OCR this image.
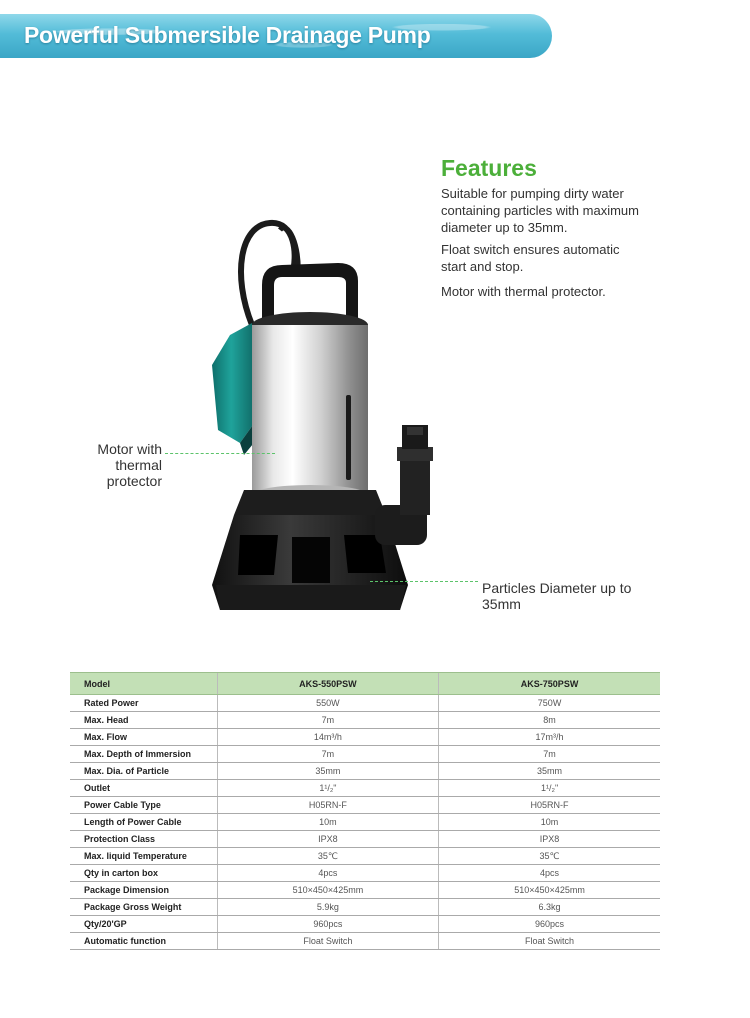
Powerful Submersible Drainage Pump
Features
Suitable for pumping dirty water containing particles with maximum diameter up to 35mm.
Float switch ensures automatic start and stop.
Motor with thermal protector.
Motor with thermal
protector
Particles Diameter up to
35mm
Model	AKS-550PSW	AKS-750PSW
Rated Power	550W	750W
Max. Head	7m	8m
Max. Flow	14m³/h	17m³/h
Max. Depth of Immersion	7m	7m
Max. Dia. of Particle	35mm	35mm
Outlet	1¹/₂"	1¹/₂"
Power Cable Type	H05RN-F	H05RN-F
Length of Power Cable	10m	10m
Protection Class	IPX8	IPX8
Max. liquid Temperature	35℃	35℃
Qty in carton box	4pcs	4pcs
Package Dimension	510×450×425mm	510×450×425mm
Package Gross Weight	5.9kg	6.3kg
Qty/20'GP	960pcs	960pcs
Automatic function	Float Switch	Float Switch
